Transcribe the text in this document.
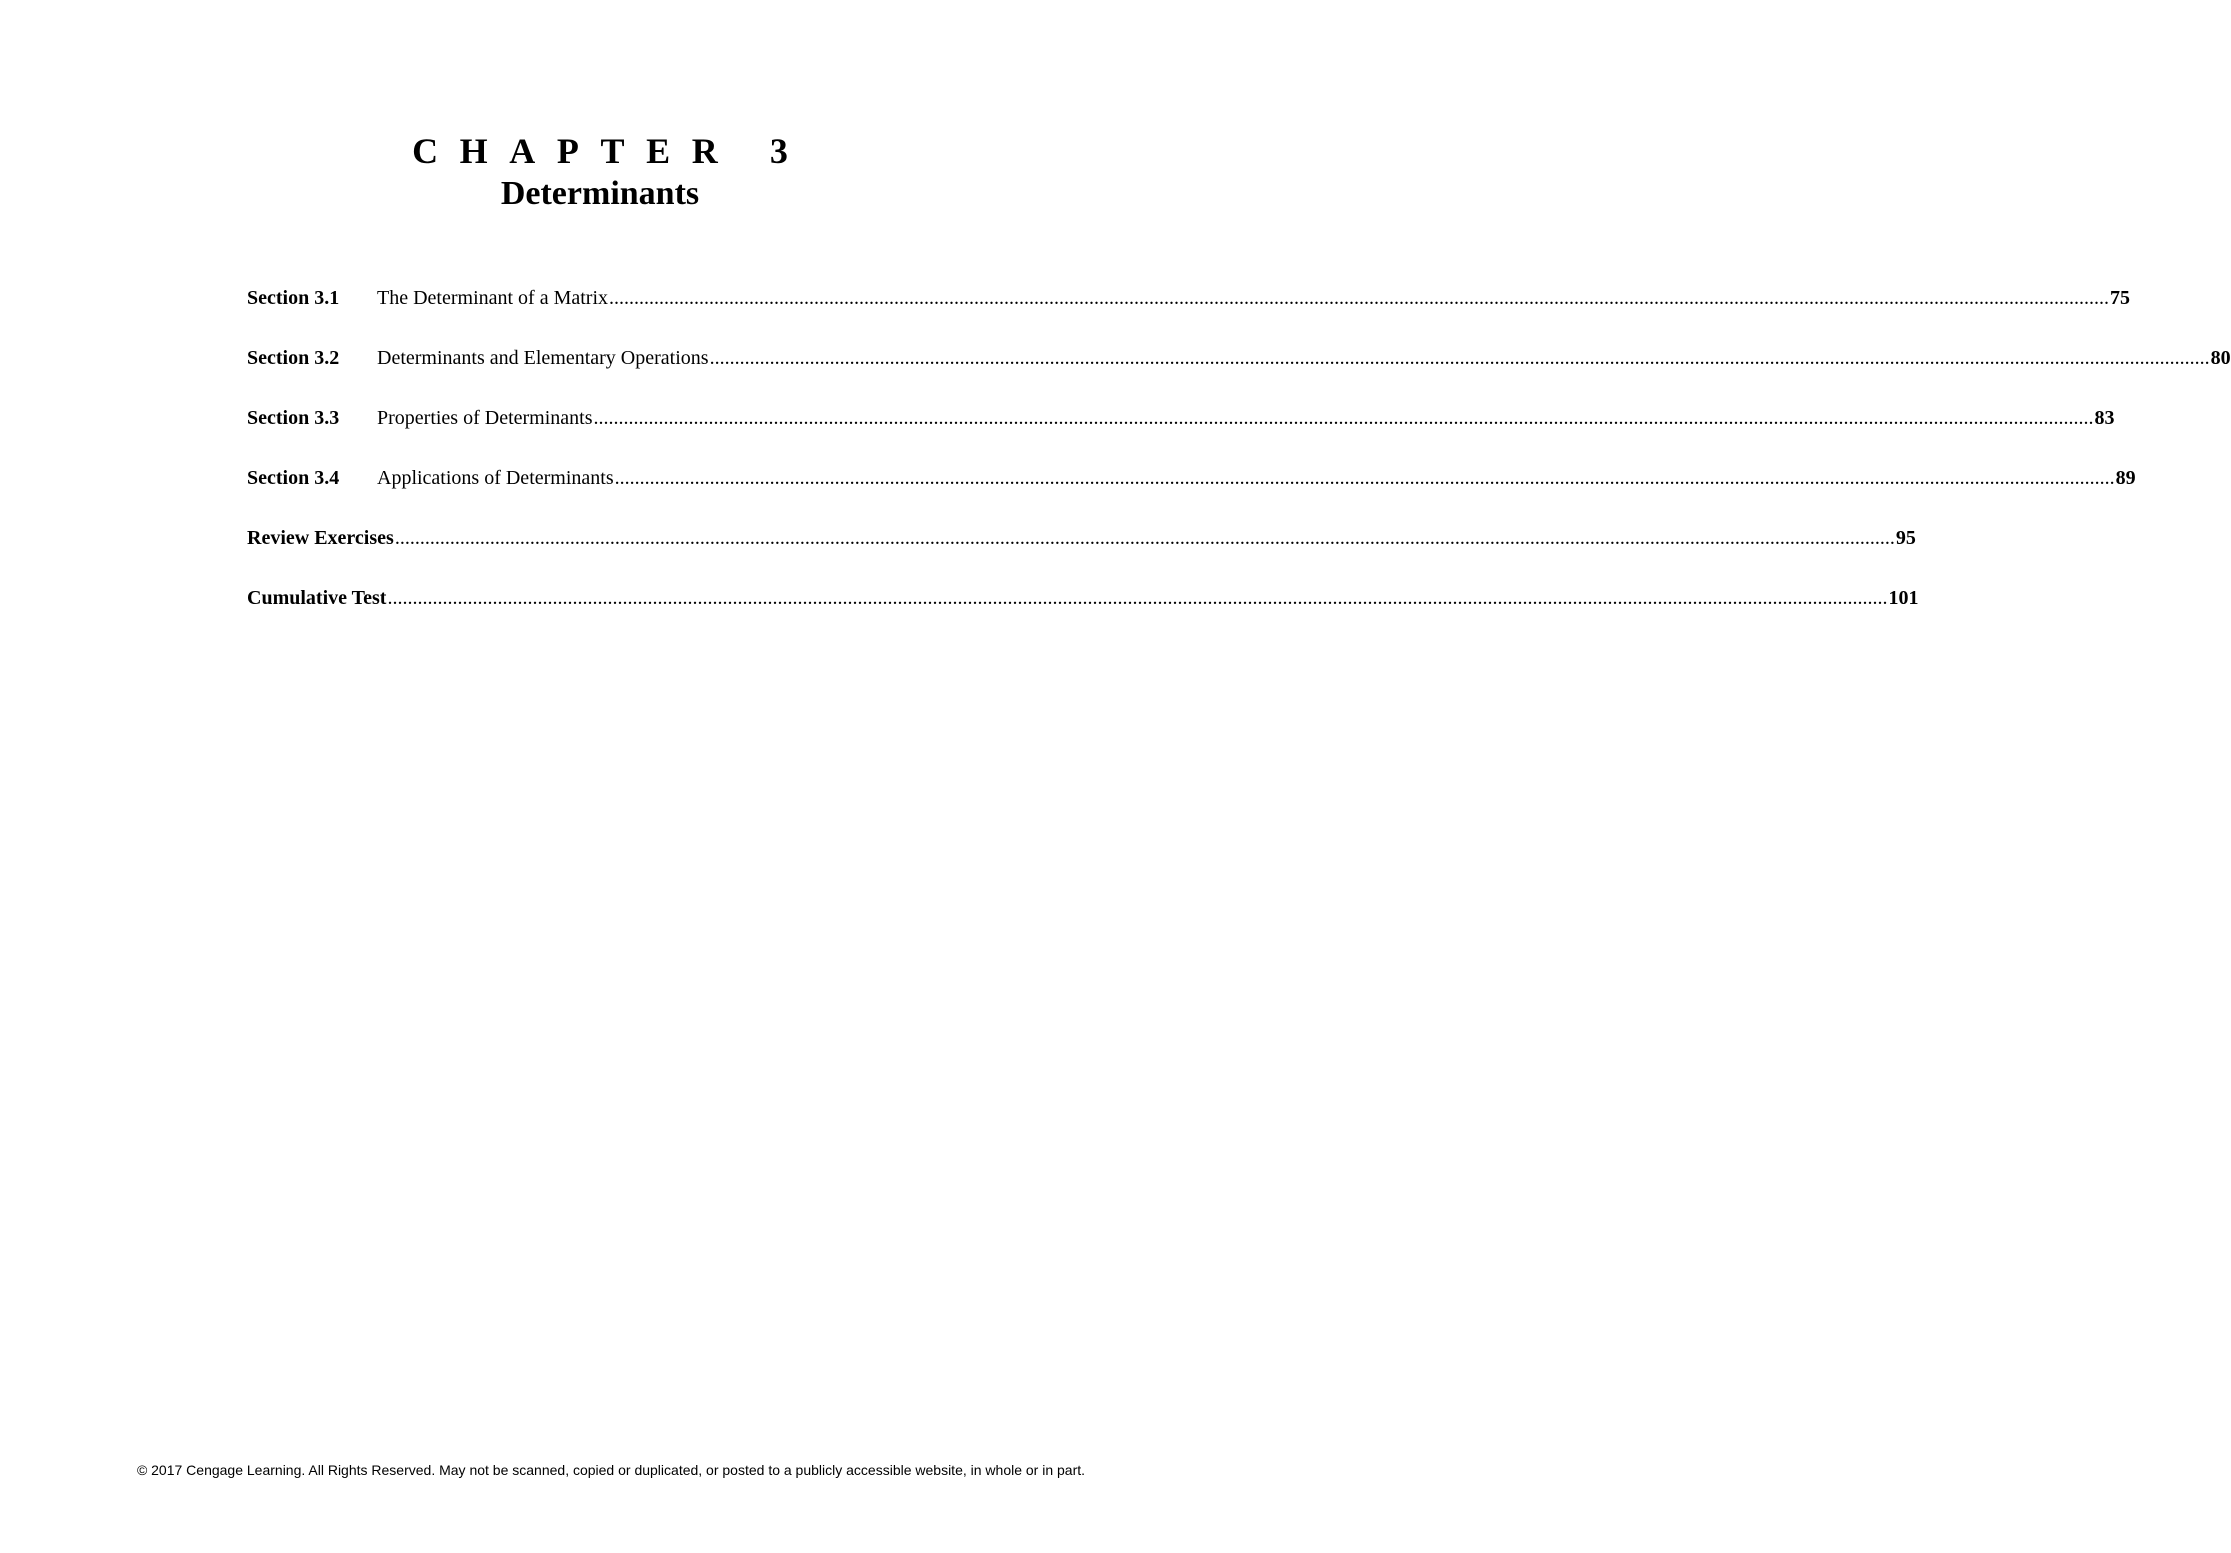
CHAPTER 3
Determinants
Section 3.1	The Determinant of a Matrix ............................................................................................................................................................................................................................................................................................................ 75
Section 3.2	Determinants and Elementary Operations ............................................................................................................................................................................................................................................................................................................ 80
Section 3.3	Properties of Determinants ............................................................................................................................................................................................................................................................................................................ 83
Section 3.4	Applications of Determinants ............................................................................................................................................................................................................................................................................................................ 89
Review Exercises ............................................................................................................................................................................................................................................................................................................ 95
Cumulative Test ............................................................................................................................................................................................................................................................................................................ 101
© 2017 Cengage Learning. All Rights Reserved. May not be scanned, copied or duplicated, or posted to a publicly accessible website, in whole or in part.
